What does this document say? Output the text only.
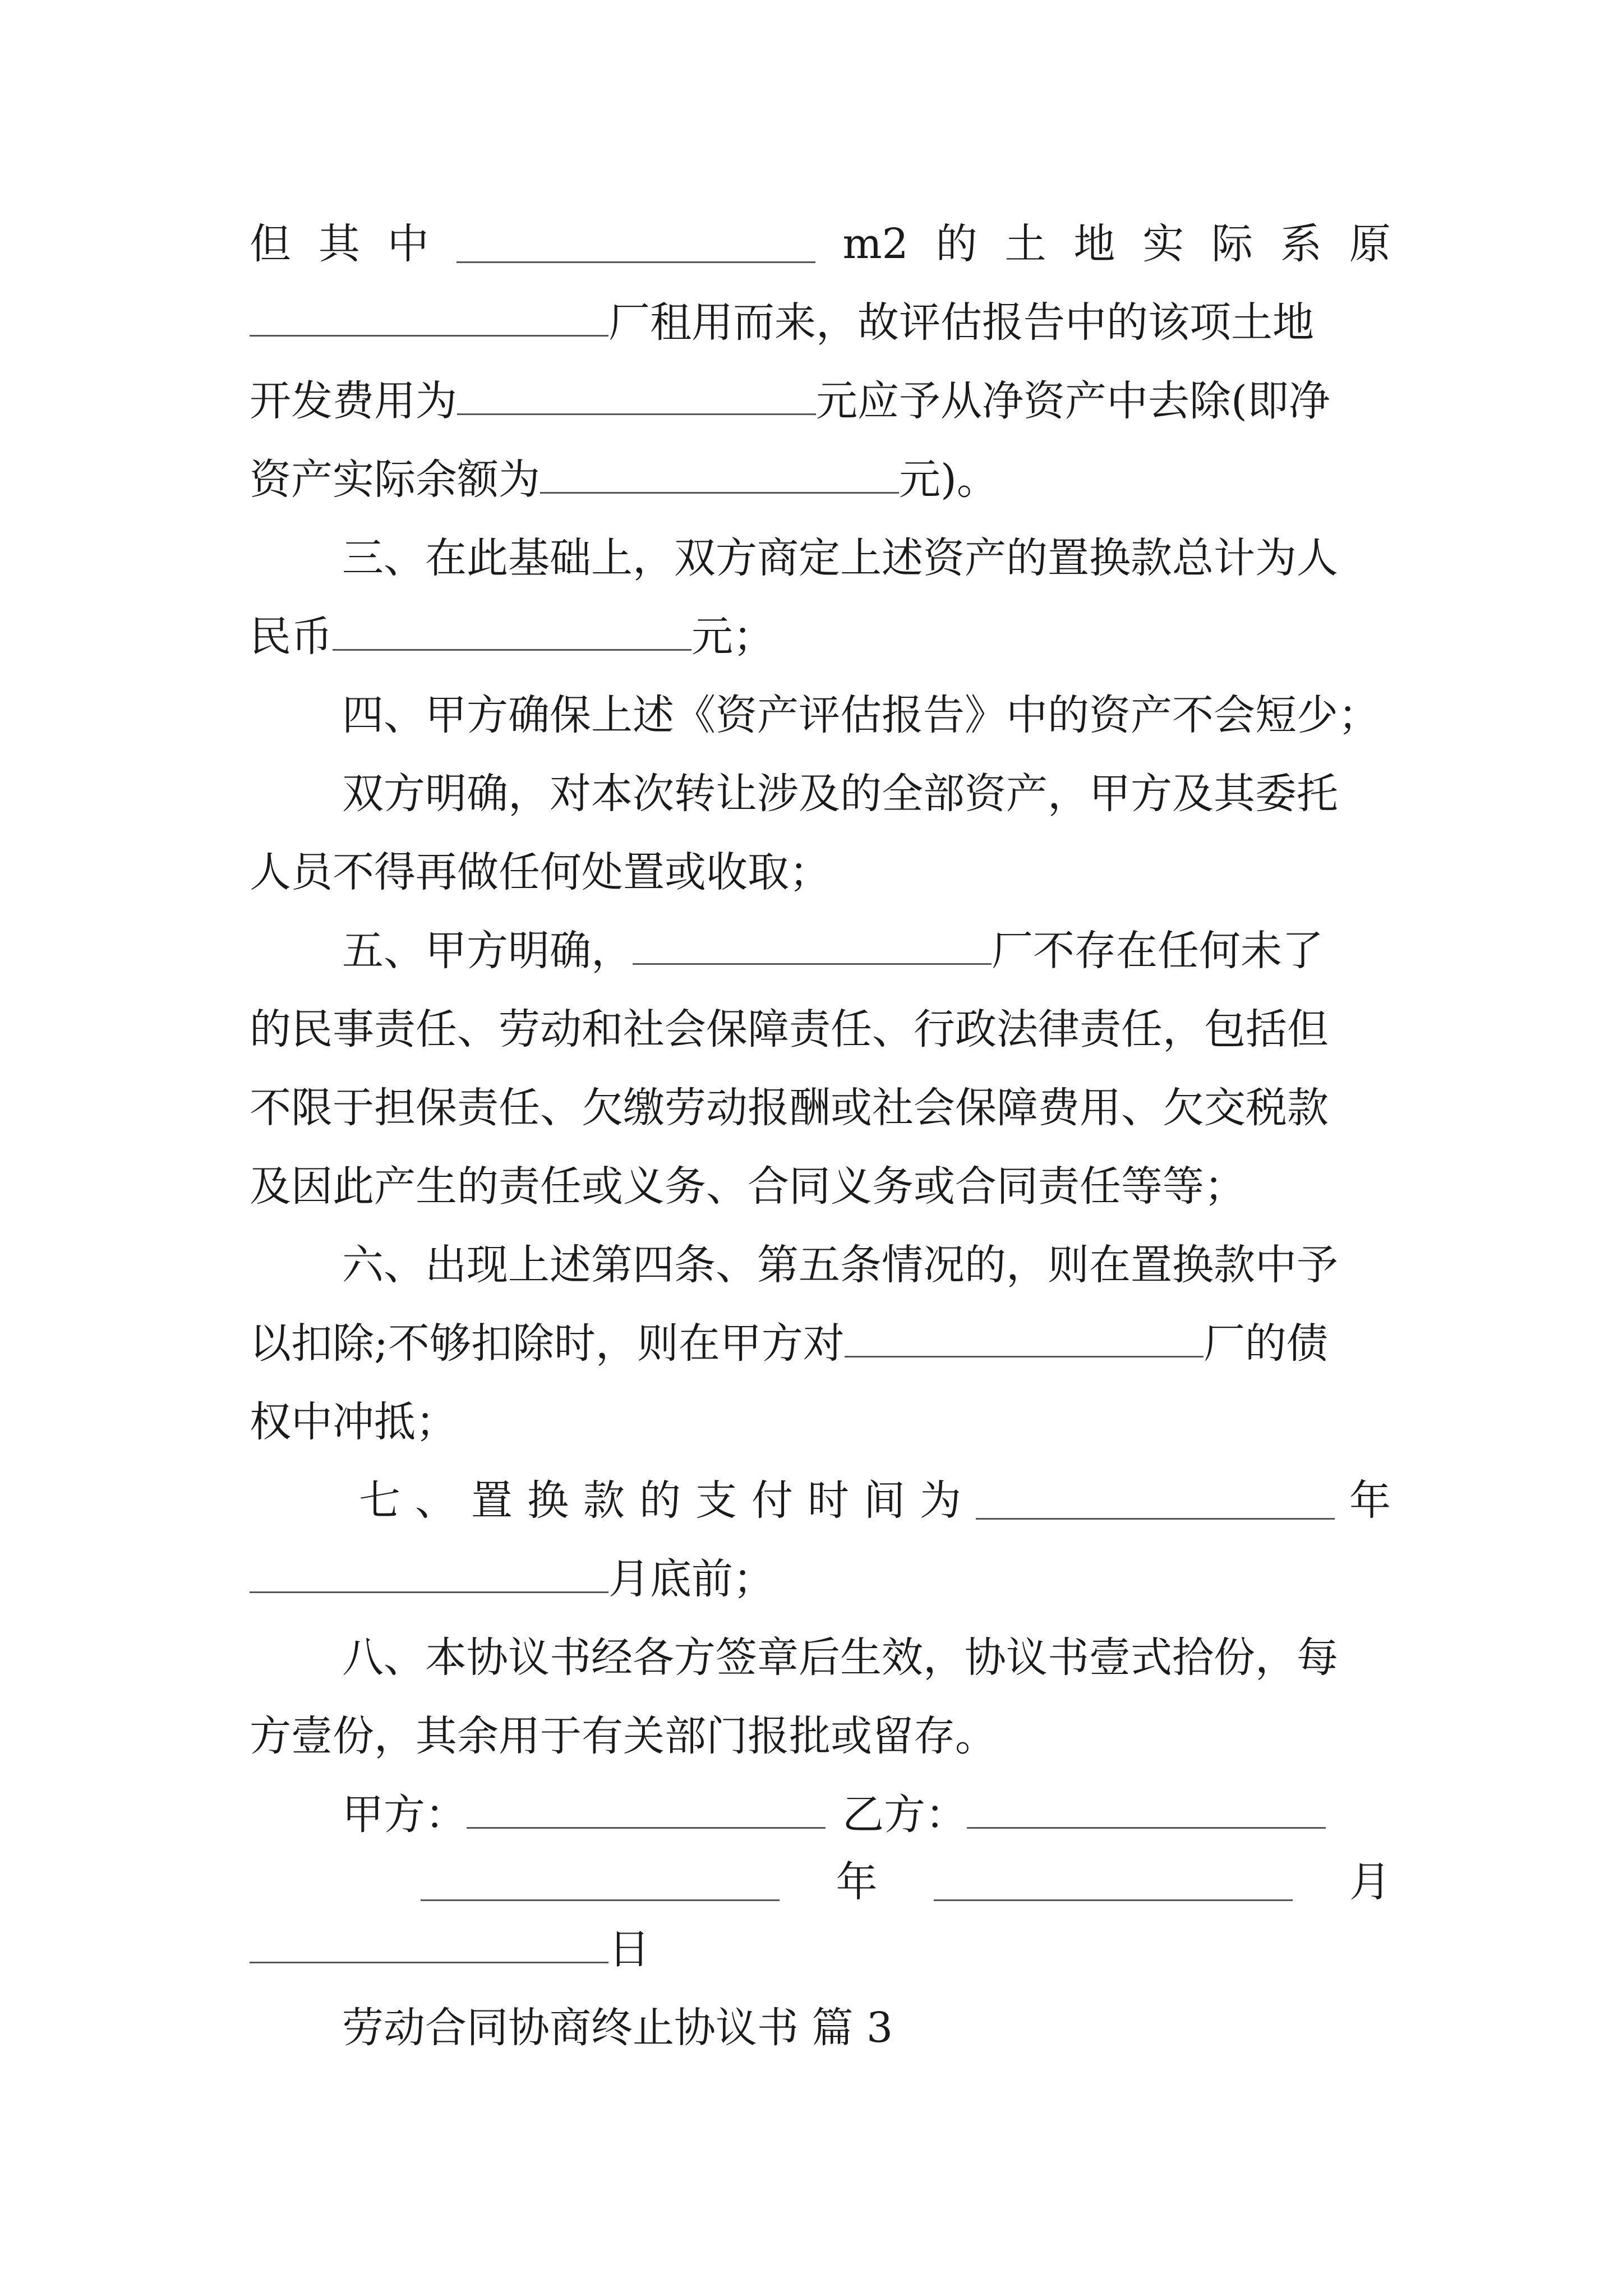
但 其 中	m2 的 土 地 实 际 系 原
厂租用而来，故评估报告中的该项土地
开发费用为	元应予从净资产中去除(即净
资产实际余额为	元)。
三、在此基础上，双方商定上述资产的置换款总计为人
民币	元；
四、甲方确保上述《资产评估报告》中的资产不会短少；
双方明确，对本次转让涉及的全部资产，甲方及其委托
人员不得再做任何处置或收取；
五、甲方明确，	厂不存在任何未了
的民事责任、劳动和社会保障责任、行政法律责任，包括但
不限于担保责任、欠缴劳动报酬或社会保障费用、欠交税款
及因此产生的责任或义务、合同义务或合同责任等等；
六、出现上述第四条、第五条情况的，则在置换款中予
以扣除;不够扣除时，则在甲方对	厂的债
权中冲抵；
七 、 置 换 款 的 支 付 时 间 为	年
月底前；
八、本协议书经各方签章后生效，协议书壹式拾份，每
方壹份，其余用于有关部门报批或留存。
甲方：	乙方：
年	月
日
劳动合同协商终止协议书 篇 3
